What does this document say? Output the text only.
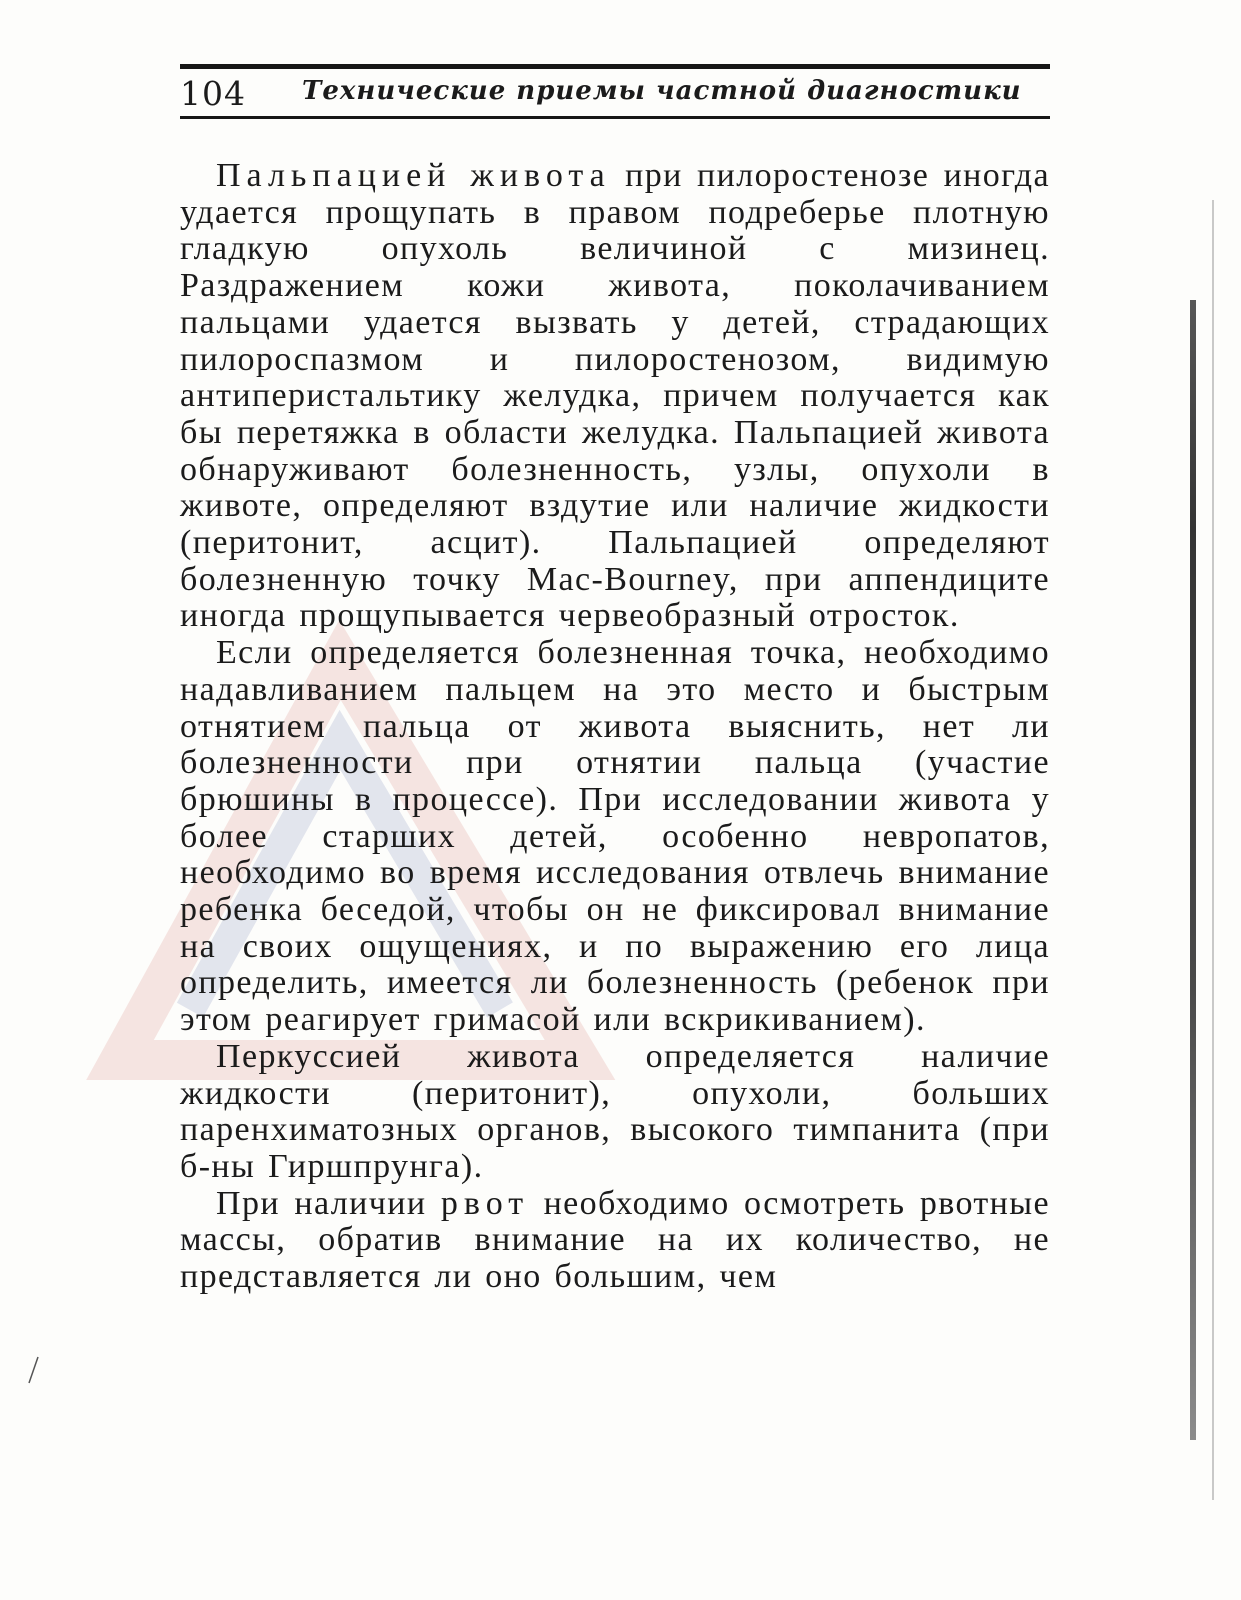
104 Технические приемы частной диагностики

Пальпацией живота при пилоростенозе иногда удается прощупать в правом подреберье плотную гладкую опухоль величиной с мизинец. Раздражением кожи живота, поколачиванием пальцами удается вызвать у детей, страдающих пилороспазмом и пилоростенозом, видимую антиперистальтику желудка, причем получается как бы перетяжка в области желудка. Пальпацией живота обнаруживают болезненность, узлы, опухоли в животе, определяют вздутие или наличие жидкости (перитонит, асцит). Пальпацией определяют болезненную точку Mac-Bourney, при аппендиците иногда прощупывается червеобразный отросток.

Если определяется болезненная точка, необходимо надавливанием пальцем на это место и быстрым отнятием пальца от живота выяснить, нет ли болезненности при отнятии пальца (участие брюшины в процессе). При исследовании живота у более старших детей, особенно невропатов, необходимо во время исследования отвлечь внимание ребенка беседой, чтобы он не фиксировал внимание на своих ощущениях, и по выражению его лица определить, имеется ли болезненность (ребенок при этом реагирует гримасой или вскрикиванием).

Перкуссией живота определяется наличие жидкости (перитонит), опухоли, больших паренхиматозных органов, высокого тимпанита (при б-ны Гиршпрунга).

При наличии рвот необходимо осмотреть рвотные массы, обратив внимание на их количество, не представляется ли оно большим, чем
